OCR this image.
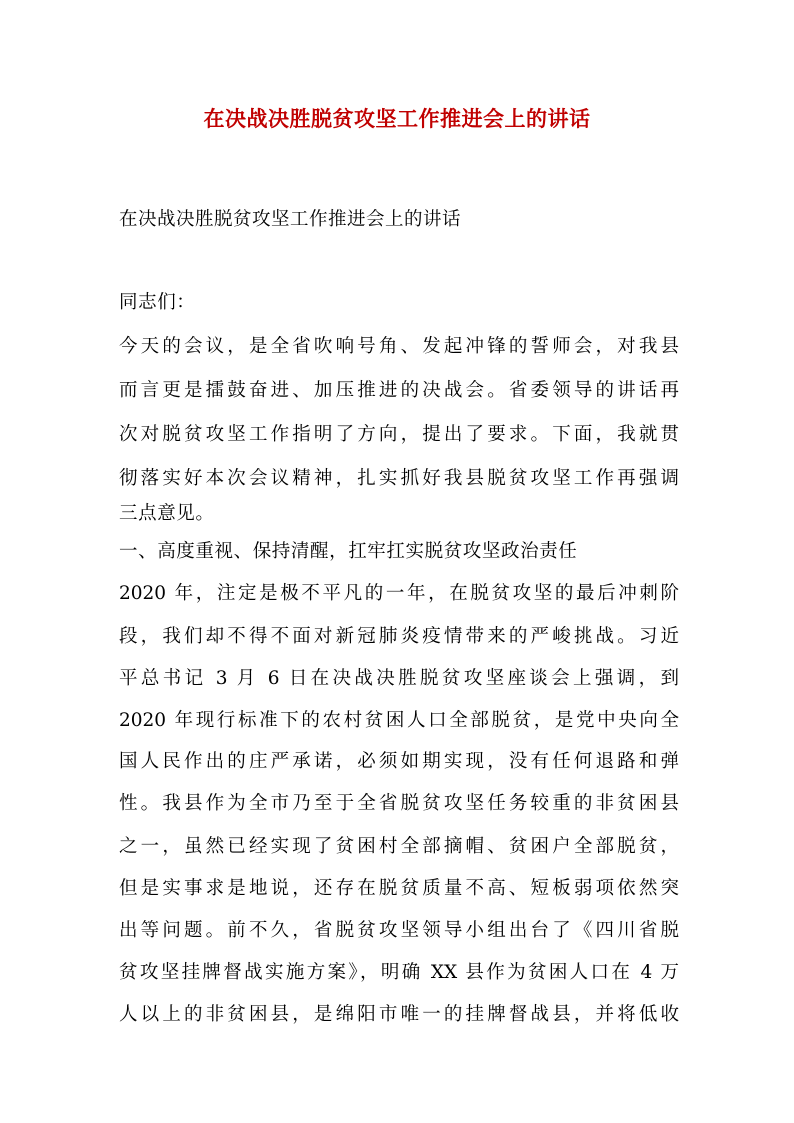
在决战决胜脱贫攻坚工作推进会上的讲话
在决战决胜脱贫攻坚工作推进会上的讲话
同志们：
今天的会议，是全省吹响号角、发起冲锋的誓师会，对我县
而言更是擂鼓奋进、加压推进的决战会。省委领导的讲话再
次对脱贫攻坚工作指明了方向，提出了要求。下面，我就贯
彻落实好本次会议精神，扎实抓好我县脱贫攻坚工作再强调
三点意见。
一、高度重视、保持清醒，扛牢扛实脱贫攻坚政治责任
2020 年，注定是极不平凡的一年，在脱贫攻坚的最后冲刺阶
段，我们却不得不面对新冠肺炎疫情带来的严峻挑战。习近
平总书记 3 月 6 日在决战决胜脱贫攻坚座谈会上强调，到
2020 年现行标准下的农村贫困人口全部脱贫，是党中央向全
国人民作出的庄严承诺，必须如期实现，没有任何退路和弹
性。我县作为全市乃至于全省脱贫攻坚任务较重的非贫困县
之一，虽然已经实现了贫困村全部摘帽、贫困户全部脱贫，
但是实事求是地说，还存在脱贫质量不高、短板弱项依然突
出等问题。前不久，省脱贫攻坚领导小组出台了《四川省脱
贫攻坚挂牌督战实施方案》，明确 XX 县作为贫困人口在 4 万
人以上的非贫困县，是绵阳市唯一的挂牌督战县，并将低收
